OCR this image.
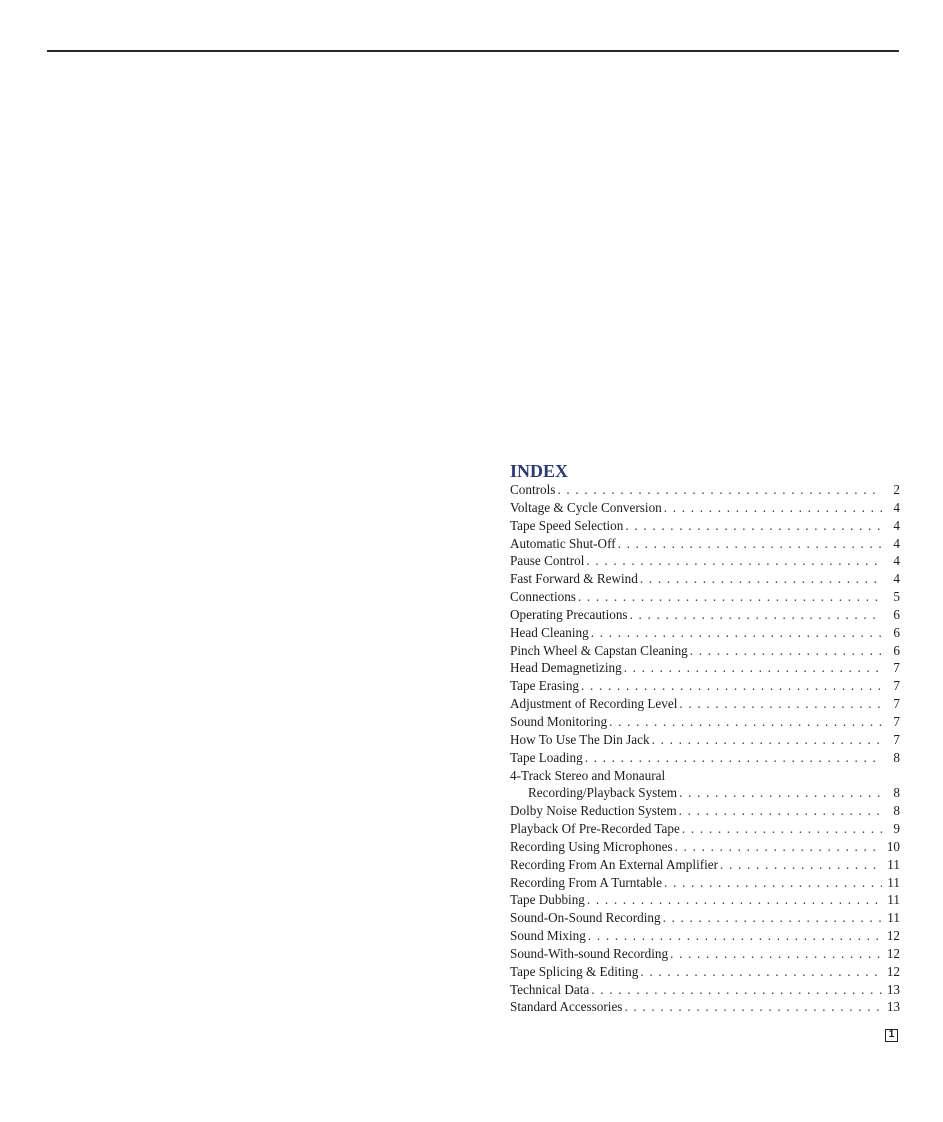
INDEX
Controls . . .	2
Voltage & Cycle Conversion . . .	4
Tape Speed Selection . . .	4
Automatic Shut-Off . . .	4
Pause Control . . .	4
Fast Forward & Rewind . . .	4
Connections . . .	5
Operating Precautions . . .	6
Head Cleaning . . .	6
Pinch Wheel & Capstan Cleaning . . .	6
Head Demagnetizing . . .	7
Tape Erasing . . .	7
Adjustment of Recording Level . . .	7
Sound Monitoring . . .	7
How To Use The Din Jack . . .	7
Tape Loading . . .	8
4-Track Stereo and Monaural
Recording/Playback System . . .	8
Dolby Noise Reduction System . . .	8
Playback Of Pre-Recorded Tape . . .	9
Recording Using Microphones . . .	10
Recording From An External Amplifier . . .	11
Recording From A Turntable . . .	11
Tape Dubbing . . .	11
Sound-On-Sound Recording . . .	11
Sound Mixing . . .	12
Sound-With-sound Recording . . .	12
Tape Splicing & Editing . . .	12
Technical Data . . .	13
Standard Accessories . . .	13
1
